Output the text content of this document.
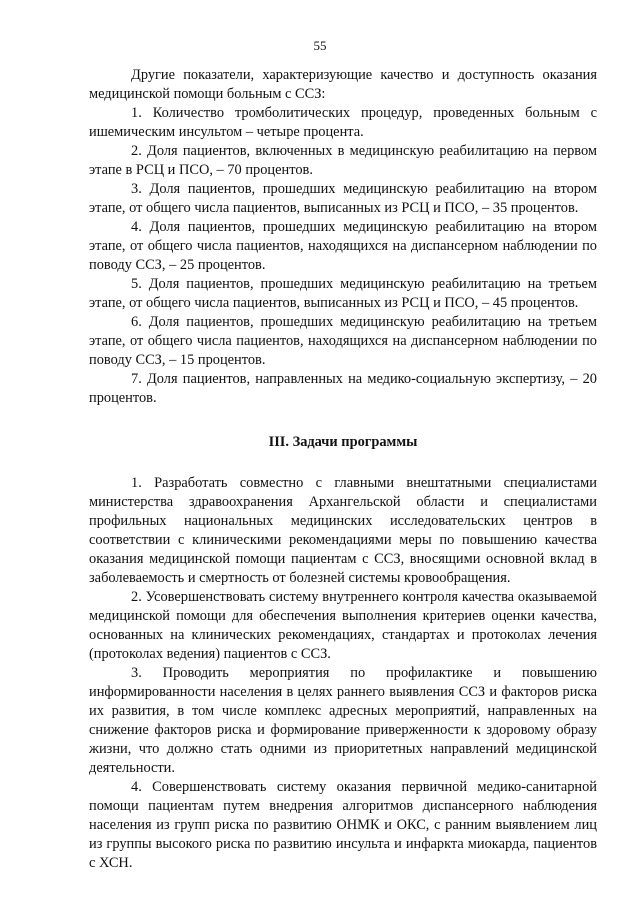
55

Другие показатели, характеризующие качество и доступность оказания медицинской помощи больным с ССЗ:

1. Количество тромболитических процедур, проведенных больным с ишемическим инсультом – четыре процента.

2. Доля пациентов, включенных в медицинскую реабилитацию на первом этапе в РСЦ и ПСО, – 70 процентов.

3. Доля пациентов, прошедших медицинскую реабилитацию на втором этапе, от общего числа пациентов, выписанных из РСЦ и ПСО, – 35 процентов.

4. Доля пациентов, прошедших медицинскую реабилитацию на втором этапе, от общего числа пациентов, находящихся на диспансерном наблюдении по поводу ССЗ, – 25 процентов.

5. Доля пациентов, прошедших медицинскую реабилитацию на третьем этапе, от общего числа пациентов, выписанных из РСЦ и ПСО, – 45 процентов.

6. Доля пациентов, прошедших медицинскую реабилитацию на третьем этапе, от общего числа пациентов, находящихся на диспансерном наблюдении по поводу ССЗ, – 15 процентов.

7. Доля пациентов, направленных на медико-социальную экспертизу, – 20 процентов.

III. Задачи программы

1. Разработать совместно с главными внештатными специалистами министерства здравоохранения Архангельской области и специалистами профильных национальных медицинских исследовательских центров в соответствии с клиническими рекомендациями меры по повышению качества оказания медицинской помощи пациентам с ССЗ, вносящими основной вклад в заболеваемость и смертность от болезней системы кровообращения.

2. Усовершенствовать систему внутреннего контроля качества оказываемой медицинской помощи для обеспечения выполнения критериев оценки качества, основанных на клинических рекомендациях, стандартах и протоколах лечения (протоколах ведения) пациентов с ССЗ.

3. Проводить мероприятия по профилактике и повышению информированности населения в целях раннего выявления ССЗ и факторов риска их развития, в том числе комплекс адресных мероприятий, направленных на снижение факторов риска и формирование приверженности к здоровому образу жизни, что должно стать одними из приоритетных направлений медицинской деятельности.

4. Совершенствовать систему оказания первичной медико-санитарной помощи пациентам путем внедрения алгоритмов диспансерного наблюдения населения из групп риска по развитию ОНМК и ОКС, с ранним выявлением лиц из группы высокого риска по развитию инсульта и инфаркта миокарда, пациентов с ХСН.
